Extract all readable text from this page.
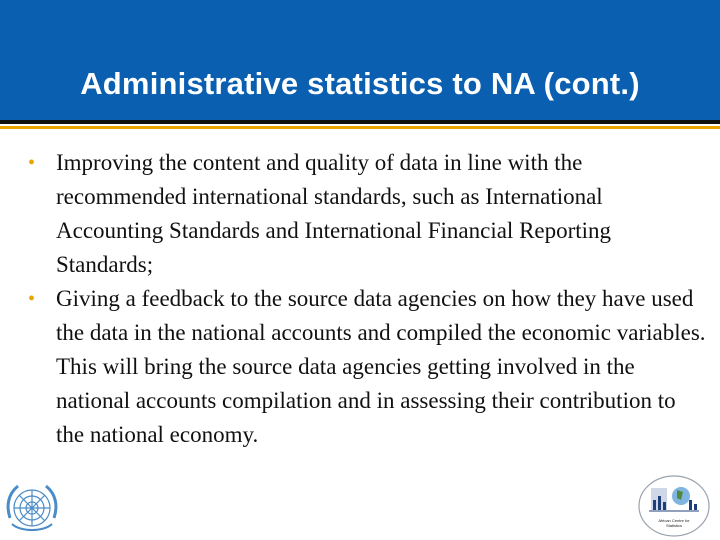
Administrative statistics to NA (cont.)
• Improving the content and quality of data in line with the recommended international standards, such as International Accounting Standards and International Financial Reporting Standards;
• Giving a feedback to the source data agencies on how they have used the data in the national accounts and compiled the economic variables. This will bring the source data agencies getting involved in the national accounts compilation and in assessing their contribution to the national economy.
African Centre for
Statistics
